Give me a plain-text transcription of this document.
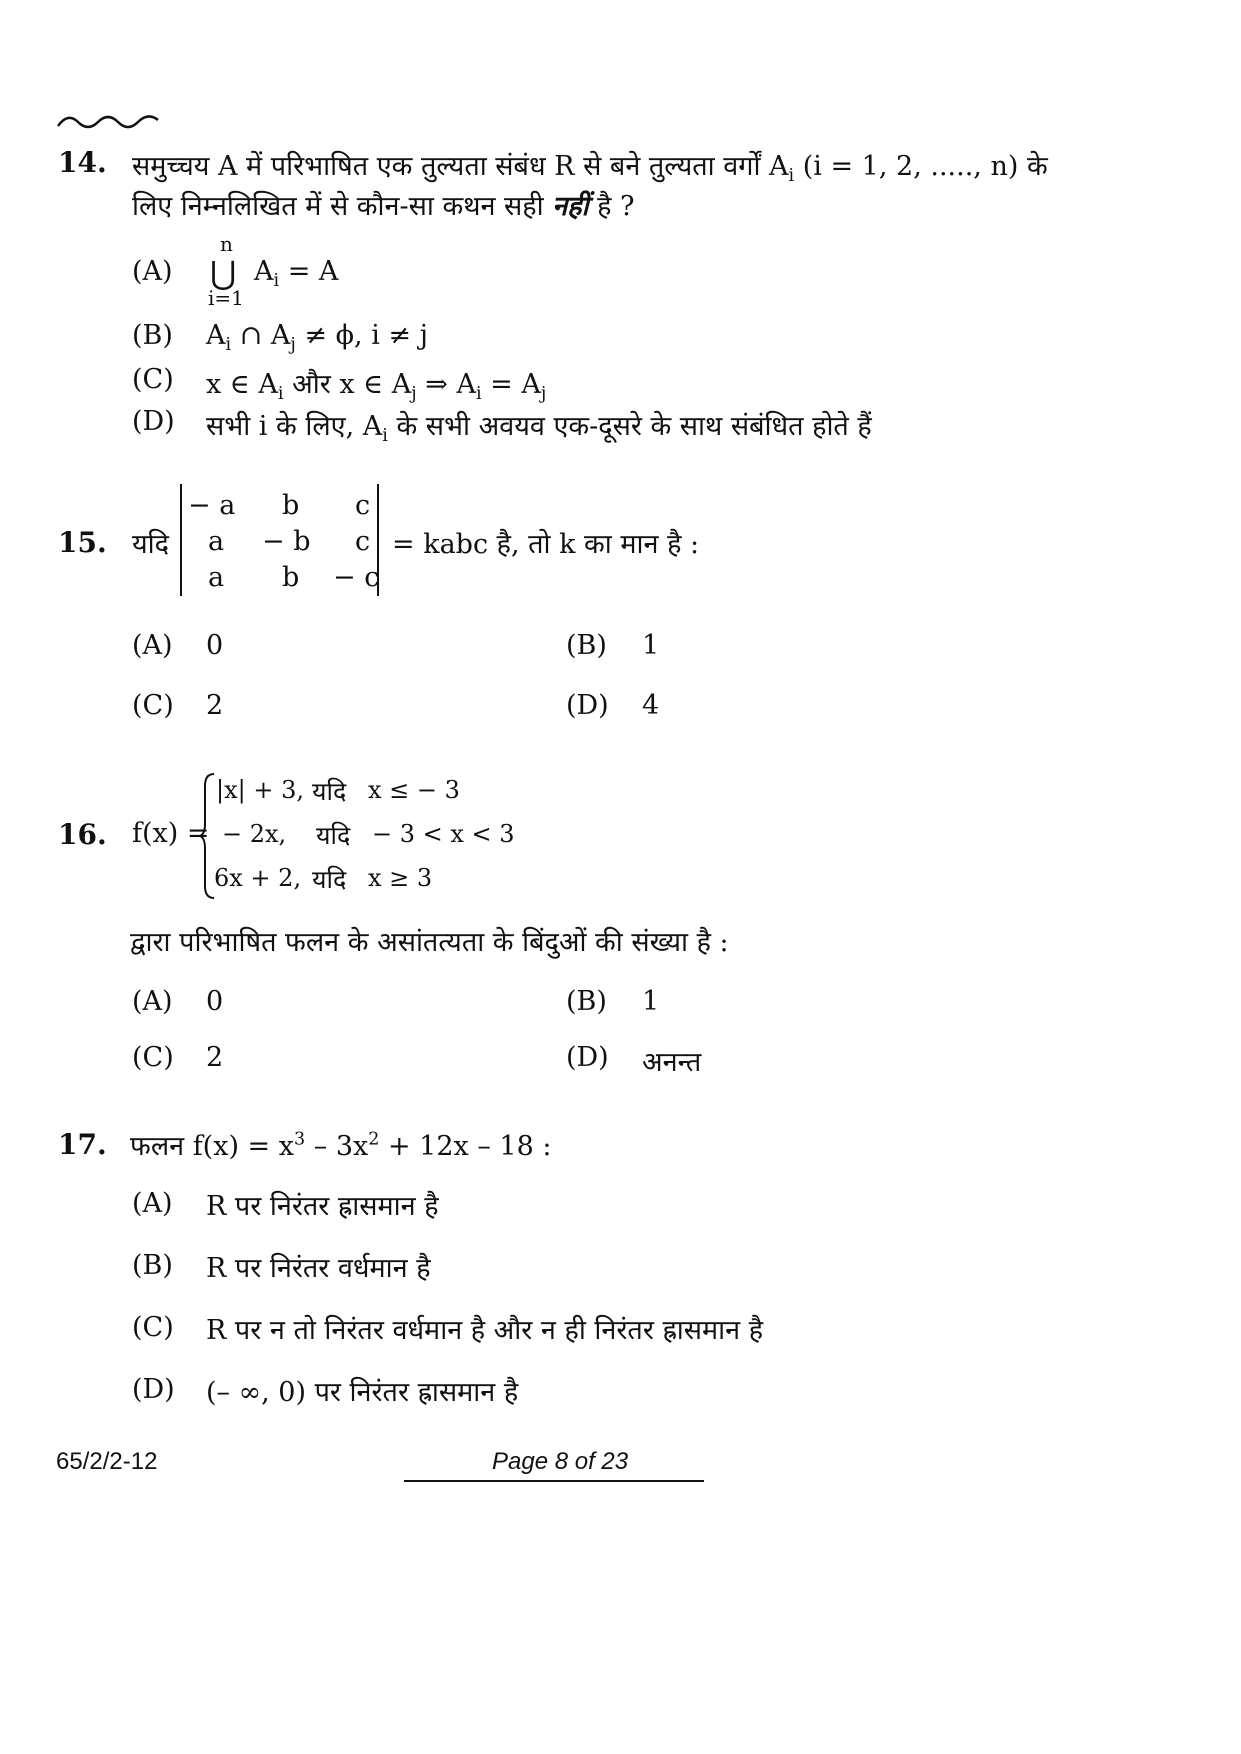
14. समुच्चय A में परिभाषित एक तुल्यता संबंध R से बने तुल्यता वर्गों $A_i$ (i = 1, 2, ....., n) के
लिए निम्नलिखित में से कौन-सा कथन सही नहीं है ?
(A)
n
⋃
i=1
$A_i = A$
(B) $A_i$ ∩ $A_j \ne \phi$, i ≠ j
(C) x ∈ $A_i$ और x ∈ $A_j$ ⇒ $A_i = A_j$
(D) सभी i के लिए, $A_i$ के सभी अवयव एक-दूसरे के साथ संबंधित होते हैं
15. यदि
− a b c
a − b c
a b − c
= kabc है, तो k का मान है :
(A) 0	(B) 1
(C) 2	(D) 4
16. f(x) =
|x| + 3, यदि x ≤ − 3
− 2x, यदि − 3 < x < 3
6x + 2, यदि x ≥ 3
द्वारा परिभाषित फलन के असांतत्यता के बिंदुओं की संख्या है :
(A) 0	(B) 1
(C) 2	(D) अनन्त
17. फलन $f(x) = x^3 - 3x^2 + 12x - 18$ :
(A) R पर निरंतर ह्रासमान है
(B) R पर निरंतर वर्धमान है
(C) R पर न तो निरंतर वर्धमान है और न ही निरंतर ह्रासमान है
(D) (– ∞, 0) पर निरंतर ह्रासमान है
65/2/2-12	Page 8 of 23
